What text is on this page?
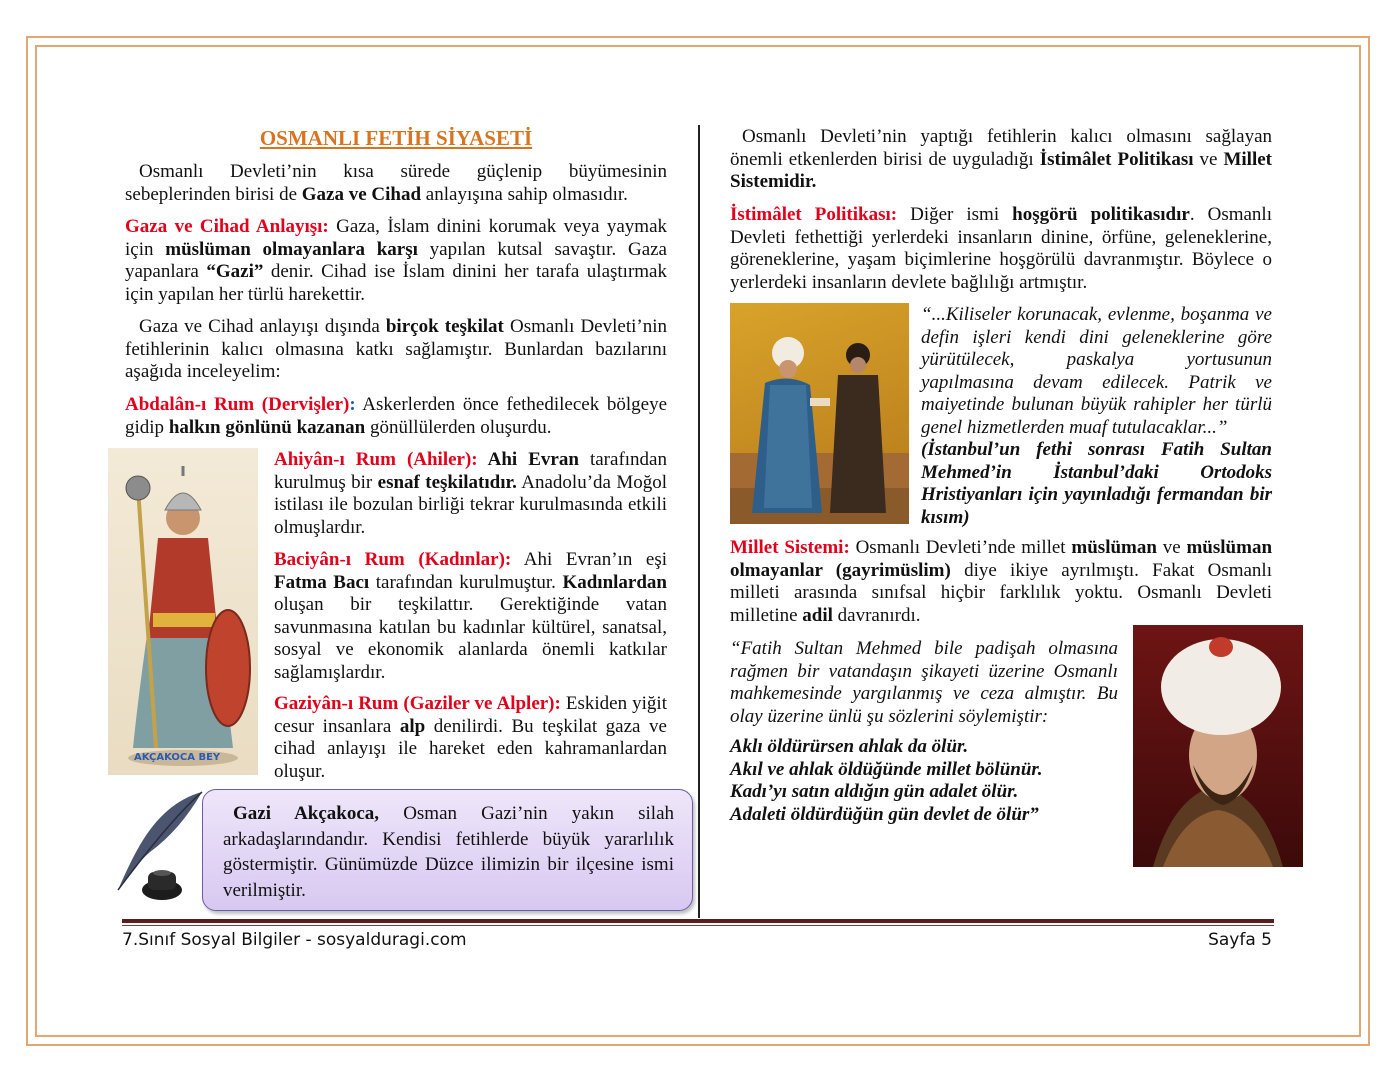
OSMANLI FETİH SİYASETİ

Osmanlı Devleti’nin kısa sürede güçlenip büyümesinin
sebeplerinden birisi de Gaza ve Cihad anlayışına sahip olmasıdır.

Gaza ve Cihad Anlayışı: Gaza, İslam dinini korumak veya yaymak için müslüman olmayanlara karşı yapılan kutsal savaştır. Gaza yapanlara “Gazi” denir. Cihad ise İslam dinini her tarafa ulaştırmak için yapılan her türlü harekettir.

Gaza ve Cihad anlayışı dışında birçok teşkilat Osmanlı Devleti’nin fetihlerinin kalıcı olmasına katkı sağlamıştır. Bunlardan bazılarını aşağıda inceleyelim:

Abdalân-ı Rum (Dervişler): Askerlerden önce fethedilecek bölgeye gidip halkın gönlünü kazanan gönüllülerden oluşurdu.

AKÇAKOCA BEY

Ahiyân-ı Rum (Ahiler): Ahi Evran tarafından kurulmuş bir esnaf teşkilatıdır. Anadolu’da Moğol istilası ile bozulan birliği tekrar kurulmasında etkili olmuşlardır.

Baciyân-ı Rum (Kadınlar): Ahi Evran’ın eşi Fatma Bacı tarafından kurulmuştur. Kadınlardan oluşan bir teşkilattır. Gerektiğinde vatan savunmasına katılan bu kadınlar kültürel, sanatsal, sosyal ve ekonomik alanlarda önemli katkılar sağlamışlardır.

Gaziyân-ı Rum (Gaziler ve Alpler): Eskiden yiğit cesur insanlara alp denilirdi. Bu teşkilat gaza ve cihad anlayışı ile hareket eden kahramanlardan oluşur.

Gazi Akçakoca, Osman Gazi’nin yakın silah arkadaşlarındandır. Kendisi fetihlerde büyük yararlılık göstermiştir. Günümüzde Düzce ilimizin bir ilçesine ismi verilmiştir.

Osmanlı Devleti’nin yaptığı fetihlerin kalıcı olmasını sağlayan önemli etkenlerden birisi de uyguladığı İstimâlet Politikası ve Millet Sistemidir.

İstimâlet Politikası: Diğer ismi hoşgörü politikasıdır. Osmanlı Devleti fethettiği yerlerdeki insanların dinine, örfüne, geleneklerine, göreneklerine, yaşam biçimlerine hoşgörülü davranmıştır. Böylece o yerlerdeki insanların devlete bağlılığı artmıştır.

“...Kiliseler korunacak, evlenme, boşanma ve defin işleri kendi dini geleneklerine göre yürütülecek, paskalya yortusunun yapılmasına devam edilecek. Patrik ve maiyetinde bulunan büyük rahipler her türlü genel hizmetlerden muaf tutulacaklar...”

(İstanbul’un fethi sonrası Fatih Sultan Mehmed’in İstanbul’daki Ortodoks Hristiyanları için yayınladığı fermandan bir kısım)

Millet Sistemi: Osmanlı Devleti’nde millet müslüman ve müslüman olmayanlar (gayrimüslim) diye ikiye ayrılmıştı. Fakat Osmanlı milleti arasında sınıfsal hiçbir farklılık yoktu. Osmanlı Devleti milletine adil davranırdı.

“Fatih Sultan Mehmed bile padişah olmasına rağmen bir vatandaşın şikayeti üzerine Osmanlı mahkemesinde yargılanmış ve ceza almıştır. Bu olay üzerine ünlü şu sözlerini söylemiştir:

Aklı öldürürsen ahlak da ölür.
Akıl ve ahlak öldüğünde millet bölünür.
Kadı’yı satın aldığın gün adalet ölür.
Adaleti öldürdüğün gün devlet de ölür”
7.Sınıf Sosyal Bilgiler - sosyalduragi.com	Sayfa 5
